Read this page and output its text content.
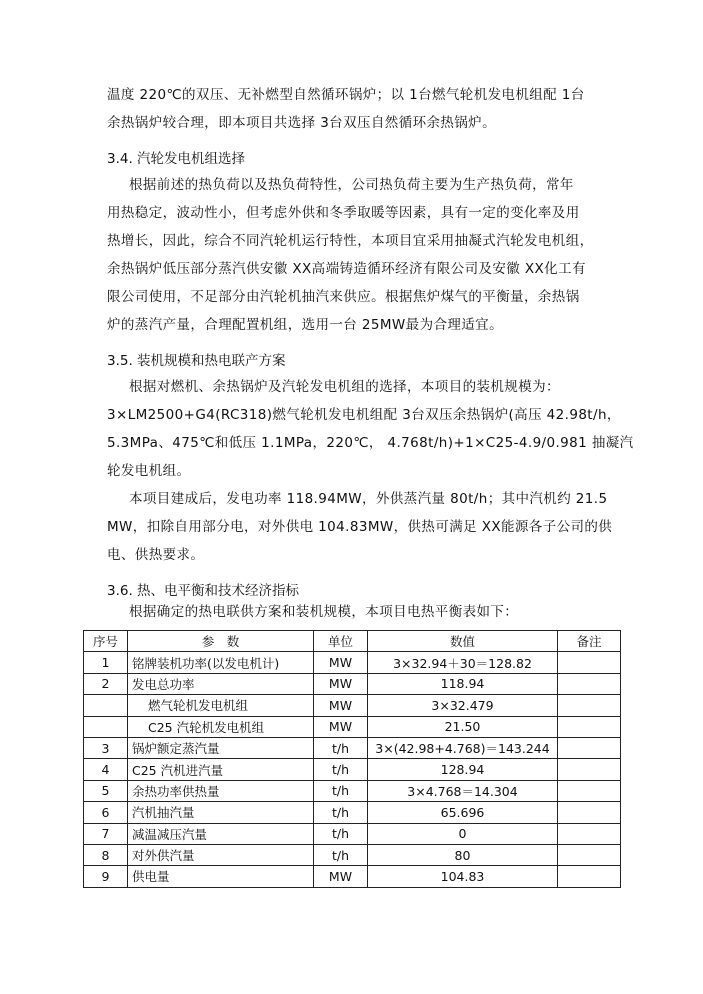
温度 220℃的双压、无补燃型自然循环锅炉；以 1台燃气轮机发电机组配 1台
余热锅炉较合理，即本项目共选择 3台双压自然循环余热锅炉。
3.4. 汽轮发电机组选择
根据前述的热负荷以及热负荷特性，公司热负荷主要为生产热负荷，常年
用热稳定，波动性小，但考虑外供和冬季取暖等因素，具有一定的变化率及用
热增长，因此，综合不同汽轮机运行特性，本项目宜采用抽凝式汽轮发电机组，
余热锅炉低压部分蒸汽供安徽 XX高端铸造循环经济有限公司及安徽 XX化工有
限公司使用，不足部分由汽轮机抽汽来供应。根据焦炉煤气的平衡量，余热锅
炉的蒸汽产量，合理配置机组，选用一台 25MW最为合理适宜。
3.5. 装机规模和热电联产方案
根据对燃机、余热锅炉及汽轮发电机组的选择，本项目的装机规模为：
3×LM2500+G4(RC318)燃气轮机发电机组配 3台双压余热锅炉(高压 42.98t/h，
5.3MPa、475℃和低压 1.1MPa，220℃， 4.768t/h)+1×C25-4.9/0.981 抽凝汽
轮发电机组。
本项目建成后，发电功率 118.94MW，外供蒸汽量 80t/h；其中汽机约 21.5
MW，扣除自用部分电，对外供电 104.83MW，供热可满足 XX能源各子公司的供
电、供热要求。
3.6. 热、电平衡和技术经济指标
根据确定的热电联供方案和装机规模，本项目电热平衡表如下：
序号	参　数	单位	数值	备注
1	铭牌装机功率(以发电机计)	MW	3×32.94＋30＝128.82	
2	发电总功率	MW	118.94	
	燃气轮机发电机组	MW	3×32.479	
	C25 汽轮机发电机组	MW	21.50	
3	锅炉额定蒸汽量	t/h	3×(42.98+4.768)＝143.244	
4	C25 汽机进汽量	t/h	128.94	
5	余热功率供热量	t/h	3×4.768＝14.304	
6	汽机抽汽量	t/h	65.696	
7	减温减压汽量	t/h	0	
8	对外供汽量	t/h	80	
9	供电量	MW	104.83	
